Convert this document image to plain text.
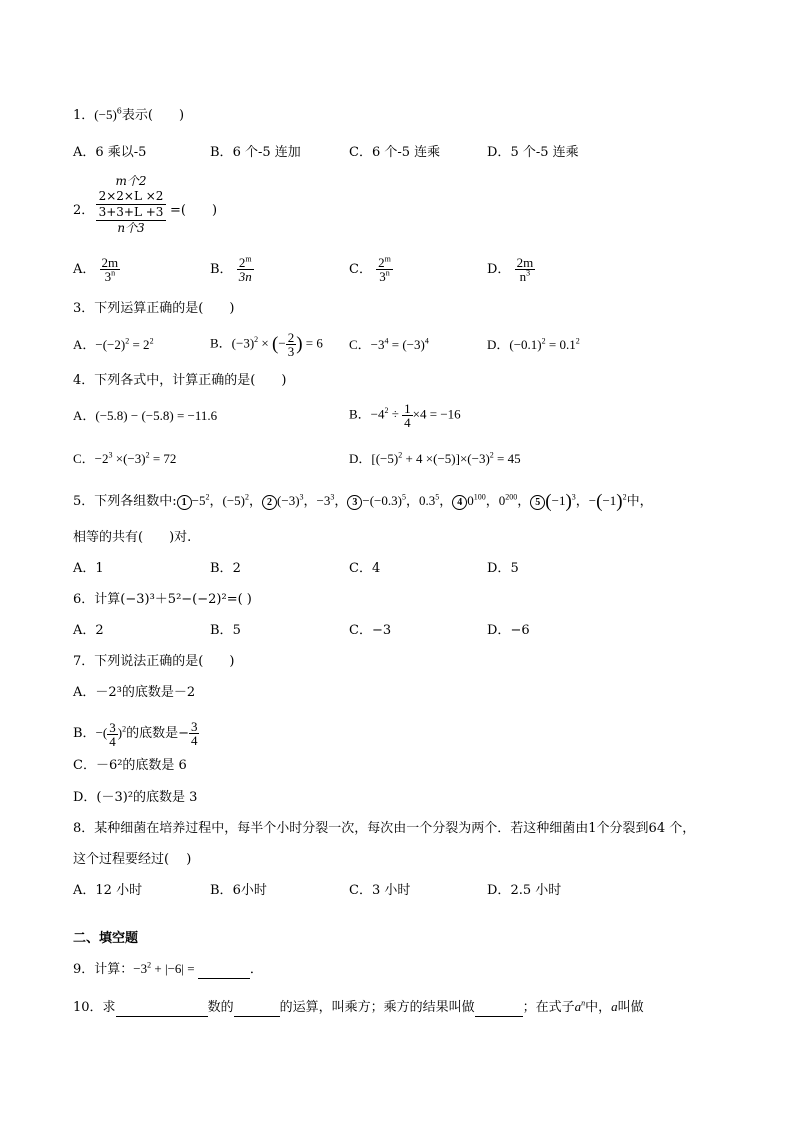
1．$(-5)^6$表示(　　)
A．6 乘以-5	B．6 个-5 连加	C．6 个-5 连乘	D．5 个-5 连乘
2．
m个2
2×2×L ×2
3+3+L +3
n个3
=(　　)
A． $\frac{2m}{3^n}$	B． $\frac{2^m}{3n}$	C． $\frac{2^m}{3^n}$	D． $\frac{2m}{n^3}$
3．下列运算正确的是(　　)
A．$-(-2)^2 = 2^2$	B．$(-3)^2$ × (− $\frac{2}{3}$ ) = 6 C．$-3^4 = (-3)^4$	D．$(-0.1)^2 = 0.1^2$
4．下列各式中，计算正确的是(　　)
A．(−5.8) − (−5.8) = −11.6	B．$-4^2 \div \frac{1}{4} \times 4 = -16$
C．$-2^3 \times(-3)^2 = 72$	D．$[(-5)^2 + 4 \times(-5)]\times(-3)^2 = 45$
5．下列各组数中: $1 -5^2$，$(-5)^2$， 2 $(-3)^3$，$-3^3$， $3 -(-0.3)^5$，$0.3^5$， 4 $0^{100}$，$0^{200}$， 5 $(-1)^3$，$-(-1)^2$中，
相等的共有(　　)对.
A．1	B．2	C．4	D．5
6．计算(−3)³＋5²−(−2)²=( )
A．2	B．5	C．−3	D．−6
7．下列说法正确的是(　　)
A．－2³的底数是－2
B．−( $\frac{3}{4} )^2$的底数是− $\frac{3}{4}$
C．－6²的底数是 6
D．(－3)²的底数是 3
8．某种细菌在培养过程中，每半个小时分裂一次，每次由一个分裂为两个．若这种细菌由1个分裂到64 个，
这个过程要经过(　 )
A．12 小时	B．6小时	C．3 小时	D．2.5 小时
二、填空题
9．计算：$-3^2 + |-6|$ =	．
10．求	数的	的运算，叫乘方；乘方的结果叫做	；在式子$a^n$中，a叫做
